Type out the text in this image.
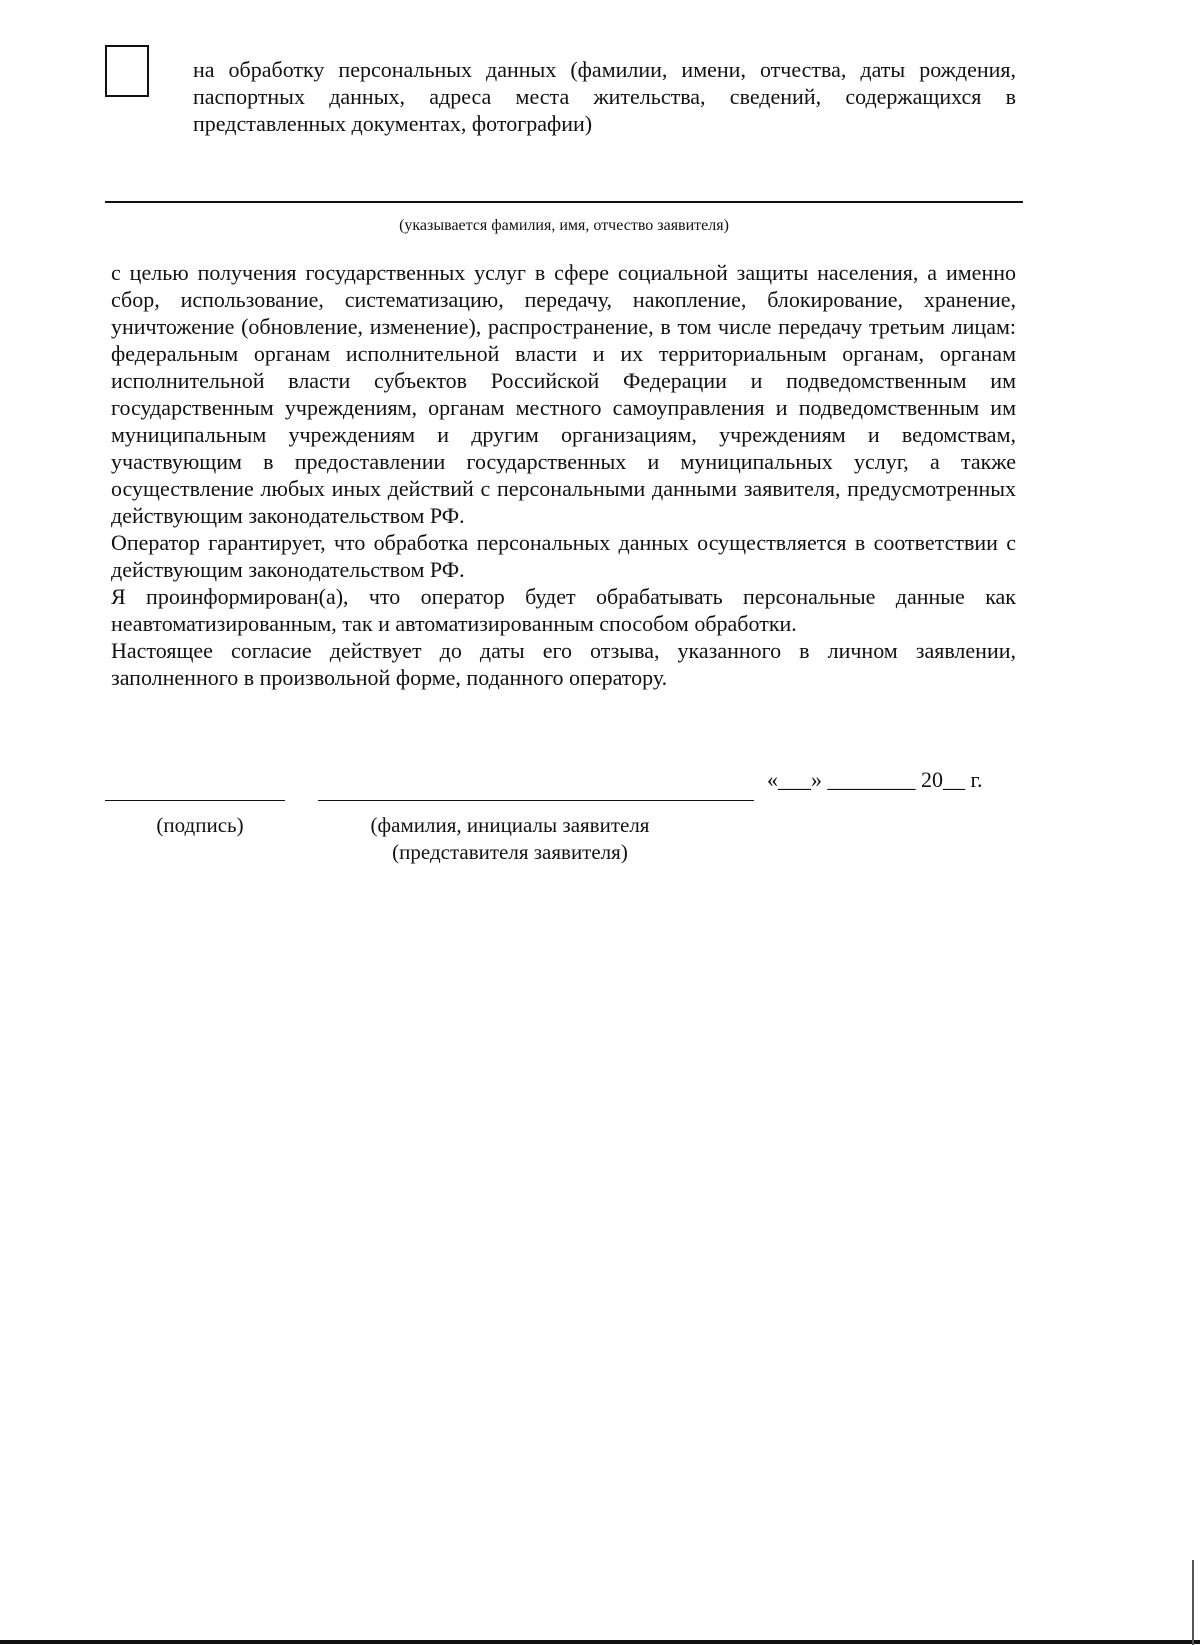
на обработку персональных данных (фамилии, имени, отчества, даты рождения, паспортных данных, адреса места жительства, сведений, содержащихся в представленных документах, фотографии)
(указывается фамилия, имя, отчество заявителя)

с целью получения государственных услуг в сфере социальной защиты населения, а именно сбор, использование, систематизацию, передачу, накопление, блокирование, хранение, уничтожение (обновление, изменение), распространение, в том числе передачу третьим лицам: федеральным органам исполнительной власти и их территориальным органам, органам исполнительной власти субъектов Российской Федерации и подведомственным им государственным учреждениям, органам местного самоуправления и подведомственным им муниципальным учреждениям и другим организациям, учреждениям и ведомствам, участвующим в предоставлении государственных и муниципальных услуг, а также осуществление любых иных действий с персональными данными заявителя, предусмотренных действующим законодательством РФ.

Оператор гарантирует, что обработка персональных данных осуществляется в соответствии с действующим законодательством РФ.

Я проинформирован(а), что оператор будет обрабатывать персональные данные как неавтоматизированным, так и автоматизированным способом обработки.

Настоящее согласие действует до даты его отзыва, указанного в личном заявлении, заполненного в произвольной форме, поданного оператору.

«___» ________ 20__ г.
(подпись)	(фамилия, инициалы заявителя
(представителя заявителя)
